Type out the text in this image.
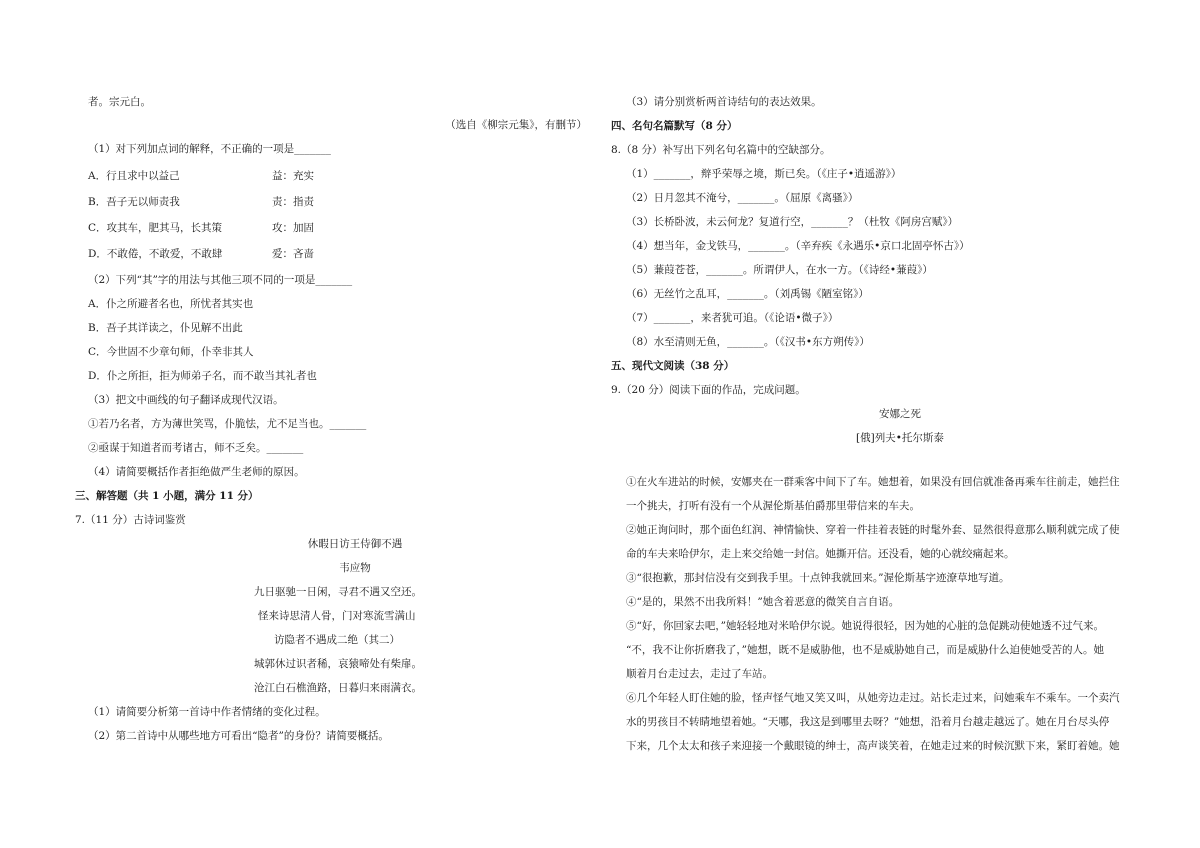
者。宗元白。
（选自《柳宗元集》，有删节）
（1）对下列加点词的解释，不正确的一项是_______
A．行且求中以益己	益：充实
B．吾子无以师责我	责：指责
C．攻其车，肥其马，长其策	攻：加固
D．不敢倦，不敢爱，不敢肆	爱：吝啬
（2）下列“其”字的用法与其他三项不同的一项是_______
A．仆之所避者名也，所忧者其实也
B．吾子其详读之，仆见解不出此
C．今世固不少章句师，仆幸非其人
D．仆之所拒，拒为师弟子名，而不敢当其礼者也
（3）把文中画线的句子翻译成现代汉语。
①若乃名者，方为薄世笑骂，仆脆怯，尤不足当也。_______
②亟谋于知道者而考诸古，师不乏矣。_______
（4）请简要概括作者拒绝做严生老师的原因。
三、解答题（共 1 小题，满分 11 分）
7.（11 分）古诗词鉴赏
休暇日访王侍御不遇
韦应物
九日驱驰一日闲，寻君不遇又空还。
怪来诗思清人骨，门对寒流雪满山
访隐者不遇成二绝（其二）
城郭休过识者稀，哀猿啼处有柴扉。
沧江白石樵渔路，日暮归来雨满衣。
（1）请简要分析第一首诗中作者情绪的变化过程。
（2）第二首诗中从哪些地方可看出“隐者”的身份？请简要概括。
（3）请分别赏析两首诗结句的表达效果。
四、名句名篇默写（8 分）
8.（8 分）补写出下列名句名篇中的空缺部分。
（1）_______，辩乎荣辱之境，斯已矣。（《庄子•逍遥游》）
（2）日月忽其不淹兮，_______。（屈原《离骚》）
（3）长桥卧波，未云何龙？复道行空，_______？（杜牧《阿房宫赋》）
（4）想当年，金戈铁马，_______。（辛弃疾《永遇乐•京口北固亭怀古》）
（5）蒹葭苍苍，_______。所谓伊人，在水一方。（《诗经•蒹葭》）
（6）无丝竹之乱耳，_______。（刘禹锡《陋室铭》）
（7）_______，来者犹可追。（《论语•微子》）
（8）水至清则无鱼，_______。（《汉书•东方朔传》）
五、现代文阅读（38 分）
9.（20 分）阅读下面的作品，完成问题。
安娜之死
[俄]列夫•托尔斯泰
①在火车进站的时候，安娜夹在一群乘客中间下了车。她想着，如果没有回信就准备再乘车往前走，她拦住
一个挑夫，打听有没有一个从渥伦斯基伯爵那里带信来的车夫。
②她正询问时，那个面色红润、神情愉快、穿着一件挂着表链的时髦外套、显然很得意那么顺利就完成了使
命的车夫来哈伊尔，走上来交给她一封信。她撕开信。还没看，她的心就绞痛起来。
③“很抱歉，那封信没有交到我手里。十点钟我就回来。”渥伦斯基字迹潦草地写道。
④“是的，果然不出我所料！”她含着恶意的微笑自言自语。
⑤“好，你回家去吧，”她轻轻地对米哈伊尔说。她说得很轻，因为她的心脏的急促跳动使她透不过气来。
“不，我不让你折磨我了，”她想，既不是威胁他，也不是威胁她自己，而是威胁什么迫使她受苦的人。她
顺着月台走过去，走过了车站。
⑥几个年轻人盯住她的脸，怪声怪气地又笑又叫，从她旁边走过。站长走过来，问她乘车不乘车。一个卖汽
水的男孩目不转睛地望着她。“天哪，我这是到哪里去呀？”她想，沿着月台越走越远了。她在月台尽头停
下来，几个太太和孩子来迎接一个戴眼镜的绅士，高声谈笑着，在她走过来的时候沉默下来，紧盯着她。她
